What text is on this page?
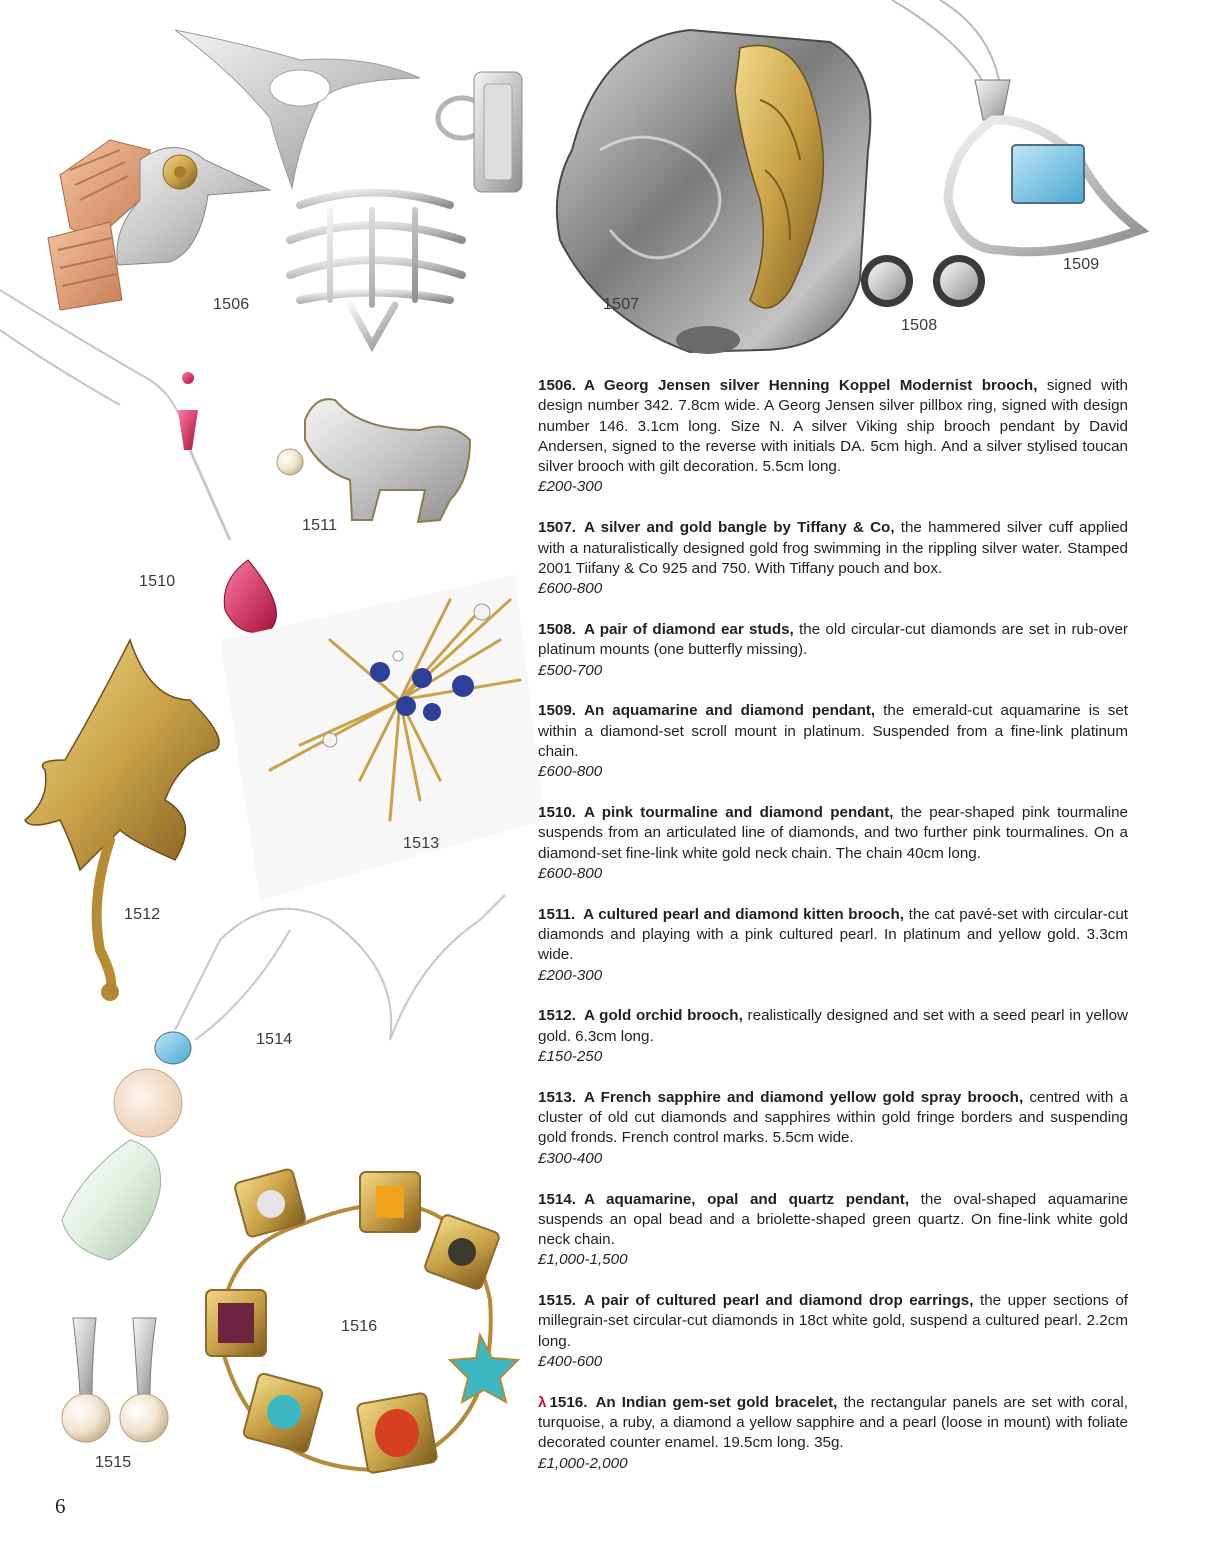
1506	1507
1508
1509
1510
1511
1512
1513
1514
1515
1516

1506. A Georg Jensen silver Henning Koppel Modernist brooch, signed with design number 342. 7.8cm wide. A Georg Jensen silver pillbox ring, signed with design number 146. 3.1cm long. Size N. A silver Viking ship brooch pendant by David Andersen, signed to the reverse with initials DA. 5cm high. And a silver stylised toucan silver brooch with gilt decoration. 5.5cm long.
£200-300

1507. A silver and gold bangle by Tiffany & Co, the hammered silver cuff applied with a naturalistically designed gold frog swimming in the rippling silver water. Stamped 2001 Tiifany & Co 925 and 750. With Tiffany pouch and box.
£600-800

1508. A pair of diamond ear studs, the old circular-cut diamonds are set in rub-over platinum mounts (one butterfly missing).
£500-700

1509. An aquamarine and diamond pendant, the emerald-cut aquamarine is set within a diamond-set scroll mount in platinum. Suspended from a fine-link platinum chain.
£600-800

1510. A pink tourmaline and diamond pendant, the pear-shaped pink tourmaline suspends from an articulated line of diamonds, and two further pink tourmalines. On a diamond-set fine-link white gold neck chain. The chain 40cm long.
£600-800

1511. A cultured pearl and diamond kitten brooch, the cat pavé-set with circular-cut diamonds and playing with a pink cultured pearl. In platinum and yellow gold. 3.3cm wide.
£200-300

1512. A gold orchid brooch, realistically designed and set with a seed pearl in yellow gold. 6.3cm long.
£150-250

1513. A French sapphire and diamond yellow gold spray brooch, centred with a cluster of old cut diamonds and sapphires within gold fringe borders and suspending gold fronds. French control marks. 5.5cm wide.
£300-400

1514. A aquamarine, opal and quartz pendant, the oval-shaped aquamarine suspends an opal bead and a briolette-shaped green quartz. On fine-link white gold neck chain.
£1,000-1,500

1515. A pair of cultured pearl and diamond drop earrings, the upper sections of millegrain-set circular-cut diamonds in 18ct white gold, suspend a cultured pearl. 2.2cm long.
£400-600

λ 1516. An Indian gem-set gold bracelet, the rectangular panels are set with coral, turquoise, a ruby, a diamond a yellow sapphire and a pearl (loose in mount) with foliate decorated counter enamel. 19.5cm long. 35g.
£1,000-2,000

6
